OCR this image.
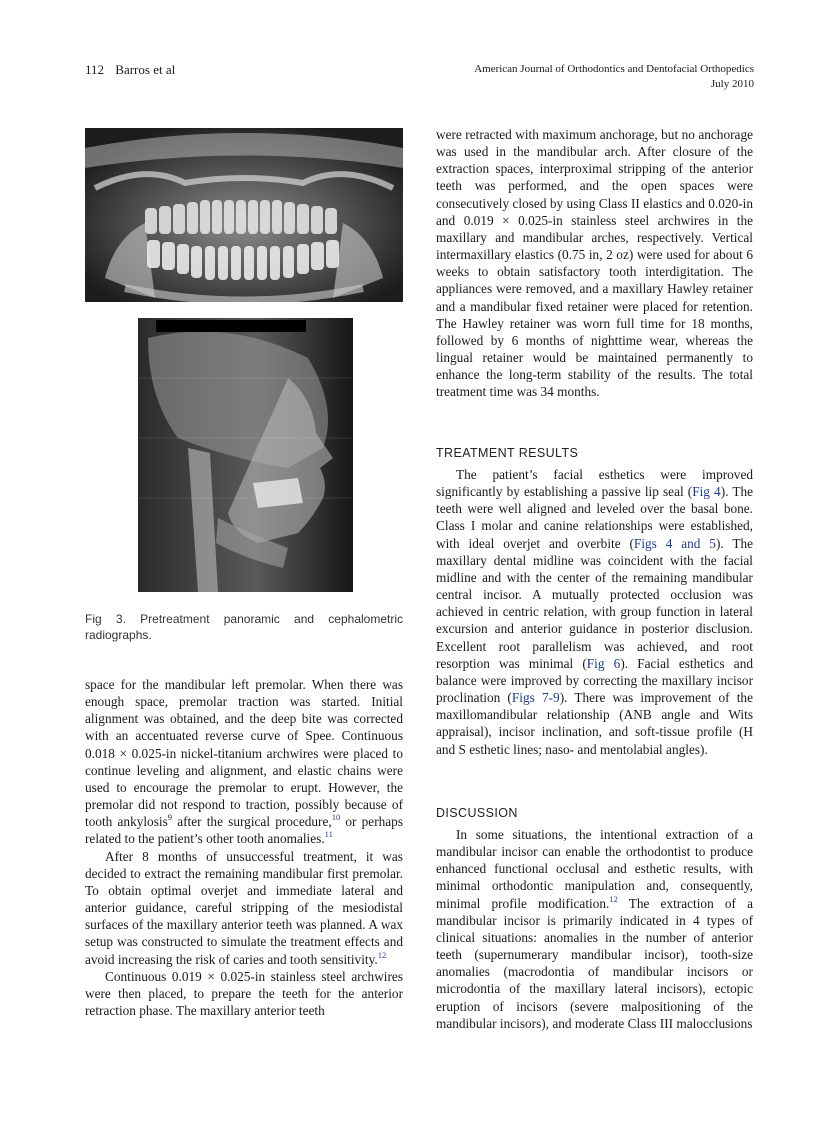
112 Barros et al	American Journal of Orthodontics and Dentofacial Orthopedics
July 2010
Fig 3. Pretreatment panoramic and cephalometric radiographs.

space for the mandibular left premolar. When there was enough space, premolar traction was started. Initial alignment was obtained, and the deep bite was corrected with an accentuated reverse curve of Spee. Continuous 0.018 × 0.025-in nickel-titanium archwires were placed to continue leveling and alignment, and elastic chains were used to encourage the premolar to erupt. However, the premolar did not respond to traction, possibly because of tooth ankylosis$^9$ after the surgical procedure,$^{10}$ or perhaps related to the patient’s other tooth anomalies.$^{11}$

After 8 months of unsuccessful treatment, it was decided to extract the remaining mandibular first premolar. To obtain optimal overjet and immediate lateral and anterior guidance, careful stripping of the mesiodistal surfaces of the maxillary anterior teeth was planned. A wax setup was constructed to simulate the treatment effects and avoid increasing the risk of caries and tooth sensitivity.$^{12}$

Continuous 0.019 × 0.025-in stainless steel archwires were then placed, to prepare the teeth for the anterior retraction phase. The maxillary anterior teeth

were retracted with maximum anchorage, but no anchorage was used in the mandibular arch. After closure of the extraction spaces, interproximal stripping of the anterior teeth was performed, and the open spaces were consecutively closed by using Class II elastics and 0.020-in and 0.019 × 0.025-in stainless steel archwires in the maxillary and mandibular arches, respectively. Vertical intermaxillary elastics (0.75 in, 2 oz) were used for about 6 weeks to obtain satisfactory tooth interdigitation. The appliances were removed, and a maxillary Hawley retainer and a mandibular fixed retainer were placed for retention. The Hawley retainer was worn full time for 18 months, followed by 6 months of nighttime wear, whereas the lingual retainer would be maintained permanently to enhance the long-term stability of the results. The total treatment time was 34 months.

TREATMENT RESULTS

The patient’s facial esthetics were improved significantly by establishing a passive lip seal (Fig 4). The teeth were well aligned and leveled over the basal bone. Class I molar and canine relationships were established, with ideal overjet and overbite (Figs 4 and 5). The maxillary dental midline was coincident with the facial midline and with the center of the remaining mandibular central incisor. A mutually protected occlusion was achieved in centric relation, with group function in lateral excursion and anterior guidance in posterior disclusion. Excellent root parallelism was achieved, and root resorption was minimal (Fig 6). Facial esthetics and balance were improved by correcting the maxillary incisor proclination (Figs 7-9). There was improvement of the maxillomandibular relationship (ANB angle and Wits appraisal), incisor inclination, and soft-tissue profile (H and S esthetic lines; naso- and mentolabial angles).

DISCUSSION

In some situations, the intentional extraction of a mandibular incisor can enable the orthodontist to produce enhanced functional occlusal and esthetic results, with minimal orthodontic manipulation and, consequently, minimal profile modification.$^{12}$ The extraction of a mandibular incisor is primarily indicated in 4 types of clinical situations: anomalies in the number of anterior teeth (supernumerary mandibular incisor), tooth-size anomalies (macrodontia of mandibular incisors or microdontia of the maxillary lateral incisors), ectopic eruption of incisors (severe malpositioning of the mandibular incisors), and moderate Class III malocclusions
